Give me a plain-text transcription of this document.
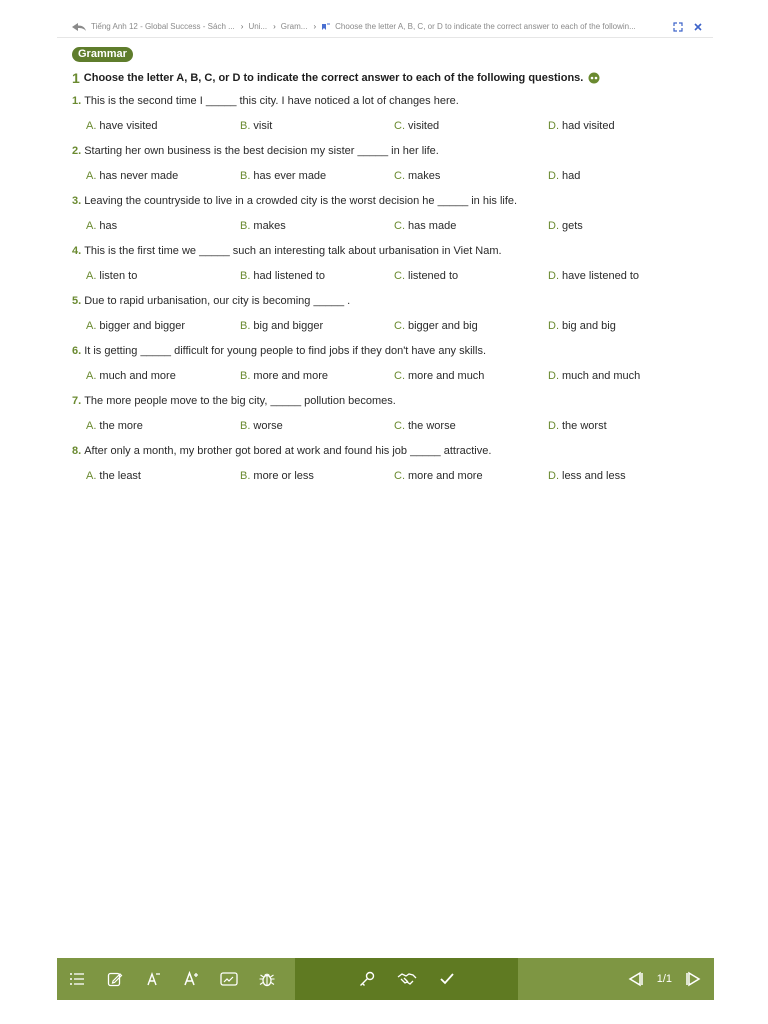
Tiếng Anh 12 - Global Success - Sách ... › Uni... › Gram... › Choose the letter A, B, C, or D to indicate the correct answer to each of the followin...
Grammar
1 Choose the letter A, B, C, or D to indicate the correct answer to each of the following questions.
1. This is the second time I _____ this city. I have noticed a lot of changes here.
A. have visited	B. visit	C. visited	D. had visited
2. Starting her own business is the best decision my sister _____ in her life.
A. has never made	B. has ever made	C. makes	D. had
3. Leaving the countryside to live in a crowded city is the worst decision he _____ in his life.
A. has	B. makes	C. has made	D. gets
4. This is the first time we _____ such an interesting talk about urbanisation in Viet Nam.
A. listen to	B. had listened to	C. listened to	D. have listened to
5. Due to rapid urbanisation, our city is becoming _____ .
A. bigger and bigger	B. big and bigger	C. bigger and big	D. big and big
6. It is getting _____ difficult for young people to find jobs if they don't have any skills.
A. much and more	B. more and more	C. more and much	D. much and much
7. The more people move to the big city, _____ pollution becomes.
A. the more	B. worse	C. the worse	D. the worst
8. After only a month, my brother got bored at work and found his job _____ attractive.
A. the least	B. more or less	C. more and more	D. less and less
1/1
